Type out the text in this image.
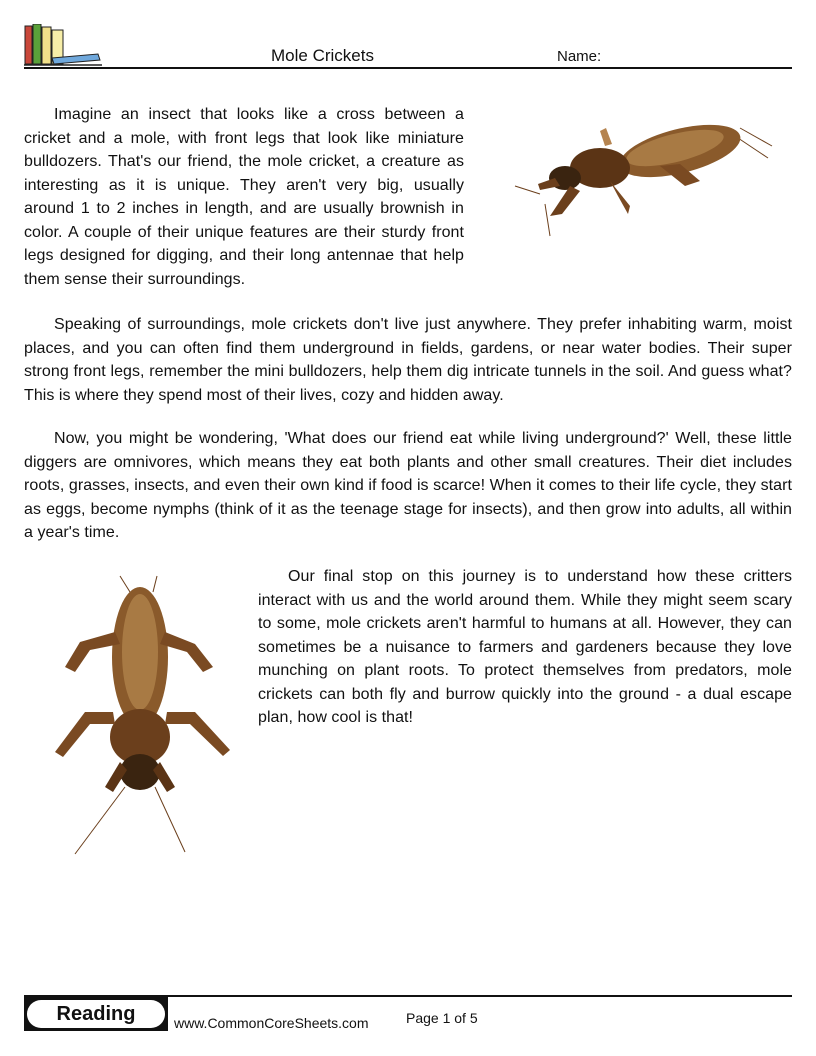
Mole Crickets	Name:

Imagine an insect that looks like a cross between a cricket and a mole, with front legs that look like miniature bulldozers. That's our friend, the mole cricket, a creature as interesting as it is unique. They aren't very big, usually around 1 to 2 inches in length, and are usually brownish in color. A couple of their unique features are their sturdy front legs designed for digging, and their long antennae that help them sense their surroundings.

Speaking of surroundings, mole crickets don't live just anywhere. They prefer inhabiting warm, moist places, and you can often find them underground in fields, gardens, or near water bodies. Their super strong front legs, remember the mini bulldozers, help them dig intricate tunnels in the soil. And guess what? This is where they spend most of their lives, cozy and hidden away.

Now, you might be wondering, 'What does our friend eat while living underground?' Well, these little diggers are omnivores, which means they eat both plants and other small creatures. Their diet includes roots, grasses, insects, and even their own kind if food is scarce! When it comes to their life cycle, they start as eggs, become nymphs (think of it as the teenage stage for insects), and then grow into adults, all within a year's time.

Our final stop on this journey is to understand how these critters interact with us and the world around them. While they might seem scary to some, mole crickets aren't harmful to humans at all. However, they can sometimes be a nuisance to farmers and gardeners because they love munching on plant roots. To protect themselves from predators, mole crickets can both fly and burrow quickly into the ground - a dual escape plan, how cool is that!

Reading	www.CommonCoreSheets.com	Page 1 of 5
